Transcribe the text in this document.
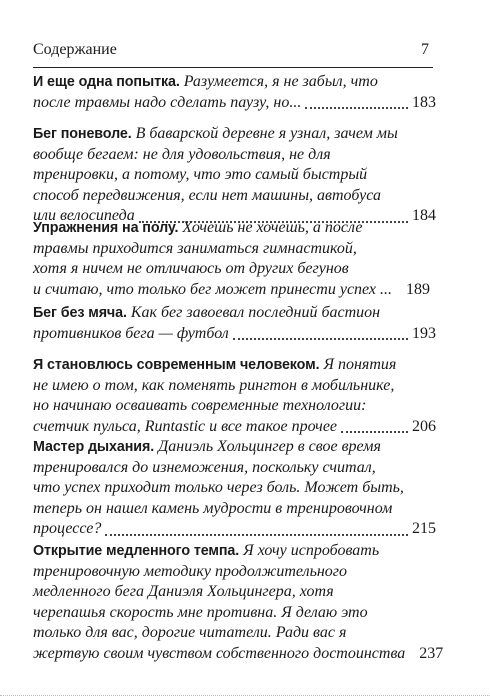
Содержание	7
И еще одна попытка. Разумеется, я не забыл, что
после травмы надо сделать паузу, но...	183
Бег поневоле. В баварской деревне я узнал, зачем мы
вообще бегаем: не для удовольствия, не для
тренировки, а потому, что это самый быстрый
способ передвижения, если нет машины, автобуса
или велосипеда	184
Упражнения на полу. Хочешь не хочешь, а после
травмы приходится заниматься гимнастикой,
хотя я ничем не отличаюсь от других бегунов
и считаю, что только бег может принести успех ... 189
Бег без мяча. Как бег завоевал последний бастион
противников бега — футбол	193
Я становлюсь современным человеком. Я понятия
не имею о том, как поменять рингтон в мобильнике,
но начинаю осваивать современные технологии:
счетчик пульса, Runtastic и все такое прочее	206
Мастер дыхания. Даниэль Хольцингер в свое время
тренировался до изнеможения, поскольку считал,
что успех приходит только через боль. Может быть,
теперь он нашел камень мудрости в тренировочном
процессе?	215
Открытие медленного темпа. Я хочу испробовать
тренировочную методику продолжительного
медленного бега Даниэля Хольцингера, хотя
черепашья скорость мне противна. Я делаю это
только для вас, дорогие читатели. Ради вас я
жертвую своим чувством собственного достоинства 237
